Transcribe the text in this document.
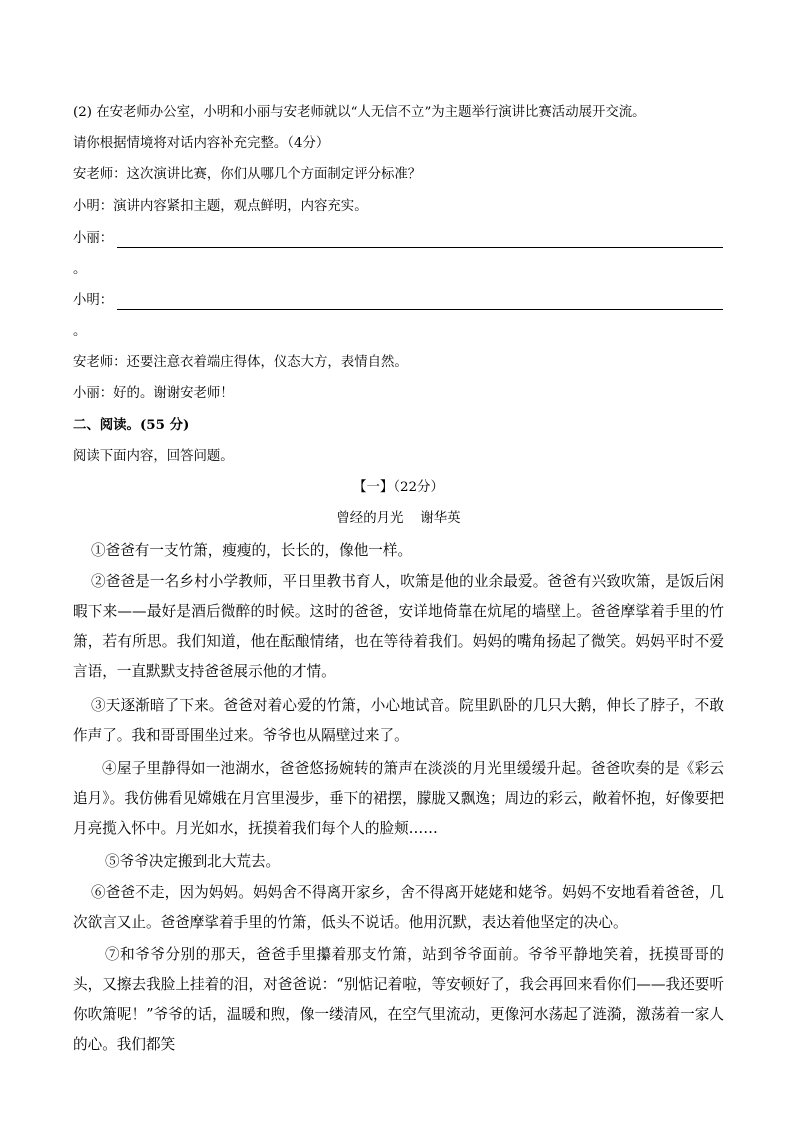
(2) 在安老师办公室，小明和小丽与安老师就以“人无信不立”为主题举行演讲比赛活动展开交流。
请你根据情境将对话内容补充完整。（4分）
安老师：这次演讲比赛，你们从哪几个方面制定评分标准？
小明：演讲内容紧扣主题，观点鲜明，内容充实。
小丽：
。
小明：
。
安老师：还要注意衣着端庄得体，仪态大方，表情自然。
小丽：好的。谢谢安老师！
二、阅读。(55 分)
阅读下面内容，回答问题。
【一】（22分）
曾经的月光    谢华英
①爸爸有一支竹箫，瘦瘦的，长长的，像他一样。
②爸爸是一名乡村小学教师，平日里教书育人，吹箫是他的业余最爱。爸爸有兴致吹箫，是饭后闲暇下来——最好是酒后微醉的时候。这时的爸爸，安详地倚靠在炕尾的墙壁上。爸爸摩挲着手里的竹箫，若有所思。我们知道，他在酝酿情绪，也在等待着我们。妈妈的嘴角扬起了微笑。妈妈平时不爱言语，一直默默支持爸爸展示他的才情。
③天逐渐暗了下来。爸爸对着心爱的竹箫，小心地试音。院里趴卧的几只大鹅，伸长了脖子，不敢作声了。我和哥哥围坐过来。爷爷也从隔壁过来了。
④屋子里静得如一池湖水，爸爸悠扬婉转的箫声在淡淡的月光里缓缓升起。爸爸吹奏的是《彩云追月》。我仿佛看见嫦娥在月宫里漫步，垂下的裙摆，朦胧又飘逸；周边的彩云，敞着怀抱，好像要把月亮揽入怀中。月光如水，抚摸着我们每个人的脸颊……
⑤爷爷决定搬到北大荒去。
⑥爸爸不走，因为妈妈。妈妈舍不得离开家乡，舍不得离开姥姥和姥爷。妈妈不安地看着爸爸，几次欲言又止。爸爸摩挲着手里的竹箫，低头不说话。他用沉默，表达着他坚定的决心。
⑦和爷爷分别的那天，爸爸手里攥着那支竹箫，站到爷爷面前。爷爷平静地笑着，抚摸哥哥的头，又擦去我脸上挂着的泪，对爸爸说：“别惦记着啦，等安顿好了，我会再回来看你们——我还要听你吹箫呢！”爷爷的话，温暖和煦，像一缕清风，在空气里流动，更像河水荡起了涟漪，激荡着一家人的心。我们都笑
